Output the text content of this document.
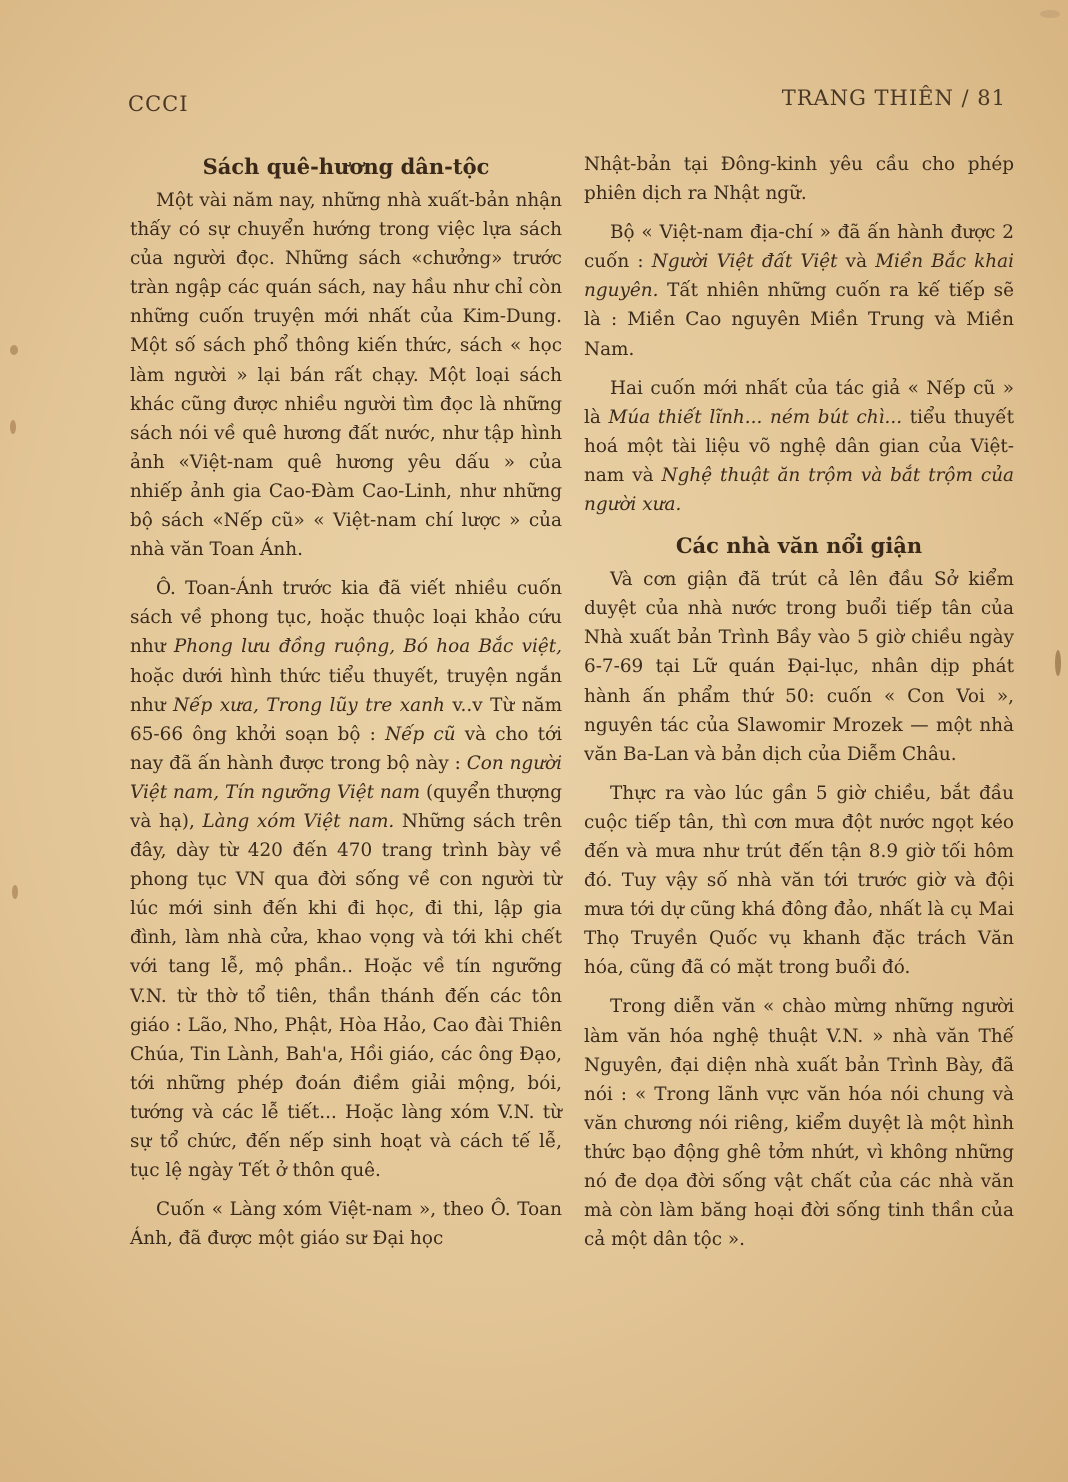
CCCI	TRANG THIÊN / 81
Sách quê-hương dân-tộc

Một vài năm nay, những nhà xuất-bản nhận thấy có sự chuyển hướng trong việc lựa sách của người đọc. Những sách «chưởng» trước tràn ngập các quán sách, nay hầu như chỉ còn những cuốn truyện mới nhất của Kim-Dung. Một số sách phổ thông kiến thức, sách « học làm người » lại bán rất chạy. Một loại sách khác cũng được nhiều người tìm đọc là những sách nói về quê hương đất nước, như tập hình ảnh «Việt-nam quê hương yêu dấu » của nhiếp ảnh gia Cao-Đàm Cao-Linh, như những bộ sách «Nếp cũ» « Việt-nam chí lược » của nhà văn Toan Ánh.

Ô. Toan-Ánh trước kia đã viết nhiều cuốn sách về phong tục, hoặc thuộc loại khảo cứu như Phong lưu đồng ruộng, Bó hoa Bắc việt, hoặc dưới hình thức tiểu thuyết, truyện ngắn như Nếp xưa, Trong lũy tre xanh v..v Từ năm 65-66 ông khởi soạn bộ : Nếp cũ và cho tới nay đã ấn hành được trong bộ này : Con người Việt nam, Tín ngưỡng Việt nam (quyển thượng và hạ), Làng xóm Việt nam. Những sách trên đây, dày từ 420 đến 470 trang trình bày về phong tục VN qua đời sống về con người từ lúc mới sinh đến khi đi học, đi thi, lập gia đình, làm nhà cửa, khao vọng và tới khi chết với tang lễ, mộ phần.. Hoặc về tín ngưỡng V.N. từ thờ tổ tiên, thần thánh đến các tôn giáo : Lão, Nho, Phật, Hòa Hảo, Cao đài Thiên Chúa, Tin Lành, Bah'a, Hồi giáo, các ông Đạo, tới những phép đoán điềm giải mộng, bói, tướng và các lễ tiết... Hoặc làng xóm V.N. từ sự tổ chức, đến nếp sinh hoạt và cách tế lễ, tục lệ ngày Tết ở thôn quê.

Cuốn « Làng xóm Việt-nam », theo Ô. Toan Ánh, đã được một giáo sư Đại học

Nhật-bản tại Đông-kinh yêu cầu cho phép phiên dịch ra Nhật ngữ.

Bộ « Việt-nam địa-chí » đã ấn hành được 2 cuốn : Người Việt đất Việt và Miền Bắc khai nguyên. Tất nhiên những cuốn ra kế tiếp sẽ là : Miền Cao nguyên Miền Trung và Miền Nam.

Hai cuốn mới nhất của tác giả « Nếp cũ » là Múa thiết lĩnh... ném bút chì... tiểu thuyết hoá một tài liệu võ nghệ dân gian của Việt-nam và Nghệ thuật ăn trộm và bắt trộm của người xưa.

Các nhà văn nổi giận

Và cơn giận đã trút cả lên đầu Sở kiểm duyệt của nhà nước trong buổi tiếp tân của Nhà xuất bản Trình Bầy vào 5 giờ chiều ngày 6-7-69 tại Lữ quán Đại-lục, nhân dịp phát hành ấn phẩm thứ 50: cuốn « Con Voi », nguyên tác của Slawomir Mrozek — một nhà văn Ba-Lan và bản dịch của Diễm Châu.

Thực ra vào lúc gần 5 giờ chiều, bắt đầu cuộc tiếp tân, thì cơn mưa đột nước ngọt kéo đến và mưa như trút đến tận 8.9 giờ tối hôm đó. Tuy vậy số nhà văn tới trước giờ và đội mưa tới dự cũng khá đông đảo, nhất là cụ Mai Thọ Truyền Quốc vụ khanh đặc trách Văn hóa, cũng đã có mặt trong buổi đó.

Trong diễn văn « chào mừng những người làm văn hóa nghệ thuật V.N. » nhà văn Thế Nguyên, đại diện nhà xuất bản Trình Bày, đã nói : « Trong lãnh vực văn hóa nói chung và văn chương nói riêng, kiểm duyệt là một hình thức bạo động ghê tởm nhứt, vì không những nó đe dọa đời sống vật chất của các nhà văn mà còn làm băng hoại đời sống tinh thần của cả một dân tộc ».
